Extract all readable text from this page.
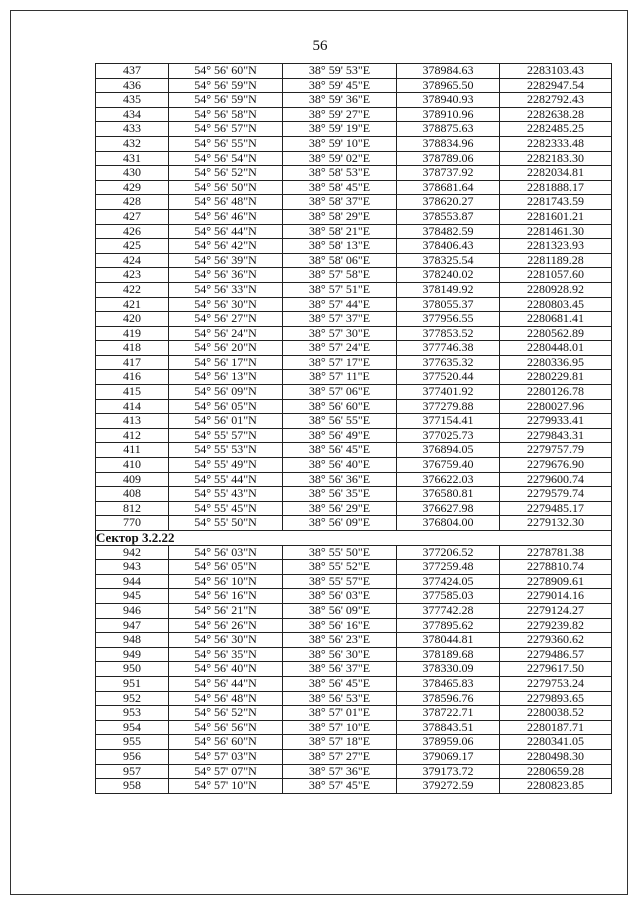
56
437	54° 56' 60"N	38° 59' 53"E	378984.63	2283103.43
436	54° 56' 59"N	38° 59' 45"E	378965.50	2282947.54
435	54° 56' 59"N	38° 59' 36"E	378940.93	2282792.43
434	54° 56' 58"N	38° 59' 27"E	378910.96	2282638.28
433	54° 56' 57"N	38° 59' 19"E	378875.63	2282485.25
432	54° 56' 55"N	38° 59' 10"E	378834.96	2282333.48
431	54° 56' 54"N	38° 59' 02"E	378789.06	2282183.30
430	54° 56' 52"N	38° 58' 53"E	378737.92	2282034.81
429	54° 56' 50"N	38° 58' 45"E	378681.64	2281888.17
428	54° 56' 48"N	38° 58' 37"E	378620.27	2281743.59
427	54° 56' 46"N	38° 58' 29"E	378553.87	2281601.21
426	54° 56' 44"N	38° 58' 21"E	378482.59	2281461.30
425	54° 56' 42"N	38° 58' 13"E	378406.43	2281323.93
424	54° 56' 39"N	38° 58' 06"E	378325.54	2281189.28
423	54° 56' 36"N	38° 57' 58"E	378240.02	2281057.60
422	54° 56' 33"N	38° 57' 51"E	378149.92	2280928.92
421	54° 56' 30"N	38° 57' 44"E	378055.37	2280803.45
420	54° 56' 27"N	38° 57' 37"E	377956.55	2280681.41
419	54° 56' 24"N	38° 57' 30"E	377853.52	2280562.89
418	54° 56' 20"N	38° 57' 24"E	377746.38	2280448.01
417	54° 56' 17"N	38° 57' 17"E	377635.32	2280336.95
416	54° 56' 13"N	38° 57' 11"E	377520.44	2280229.81
415	54° 56' 09"N	38° 57' 06"E	377401.92	2280126.78
414	54° 56' 05"N	38° 56' 60"E	377279.88	2280027.96
413	54° 56' 01"N	38° 56' 55"E	377154.41	2279933.41
412	54° 55' 57"N	38° 56' 49"E	377025.73	2279843.31
411	54° 55' 53"N	38° 56' 45"E	376894.05	2279757.79
410	54° 55' 49"N	38° 56' 40"E	376759.40	2279676.90
409	54° 55' 44"N	38° 56' 36"E	376622.03	2279600.74
408	54° 55' 43"N	38° 56' 35"E	376580.81	2279579.74
812	54° 55' 45"N	38° 56' 29"E	376627.98	2279485.17
770	54° 55' 50"N	38° 56' 09"E	376804.00	2279132.30
Сектор 3.2.22				
942	54° 56' 03"N	38° 55' 50"E	377206.52	2278781.38
943	54° 56' 05"N	38° 55' 52"E	377259.48	2278810.74
944	54° 56' 10"N	38° 55' 57"E	377424.05	2278909.61
945	54° 56' 16"N	38° 56' 03"E	377585.03	2279014.16
946	54° 56' 21"N	38° 56' 09"E	377742.28	2279124.27
947	54° 56' 26"N	38° 56' 16"E	377895.62	2279239.82
948	54° 56' 30"N	38° 56' 23"E	378044.81	2279360.62
949	54° 56' 35"N	38° 56' 30"E	378189.68	2279486.57
950	54° 56' 40"N	38° 56' 37"E	378330.09	2279617.50
951	54° 56' 44"N	38° 56' 45"E	378465.83	2279753.24
952	54° 56' 48"N	38° 56' 53"E	378596.76	2279893.65
953	54° 56' 52"N	38° 57' 01"E	378722.71	2280038.52
954	54° 56' 56"N	38° 57' 10"E	378843.51	2280187.71
955	54° 56' 60"N	38° 57' 18"E	378959.06	2280341.05
956	54° 57' 03"N	38° 57' 27"E	379069.17	2280498.30
957	54° 57' 07"N	38° 57' 36"E	379173.72	2280659.28
958	54° 57' 10"N	38° 57' 45"E	379272.59	2280823.85
